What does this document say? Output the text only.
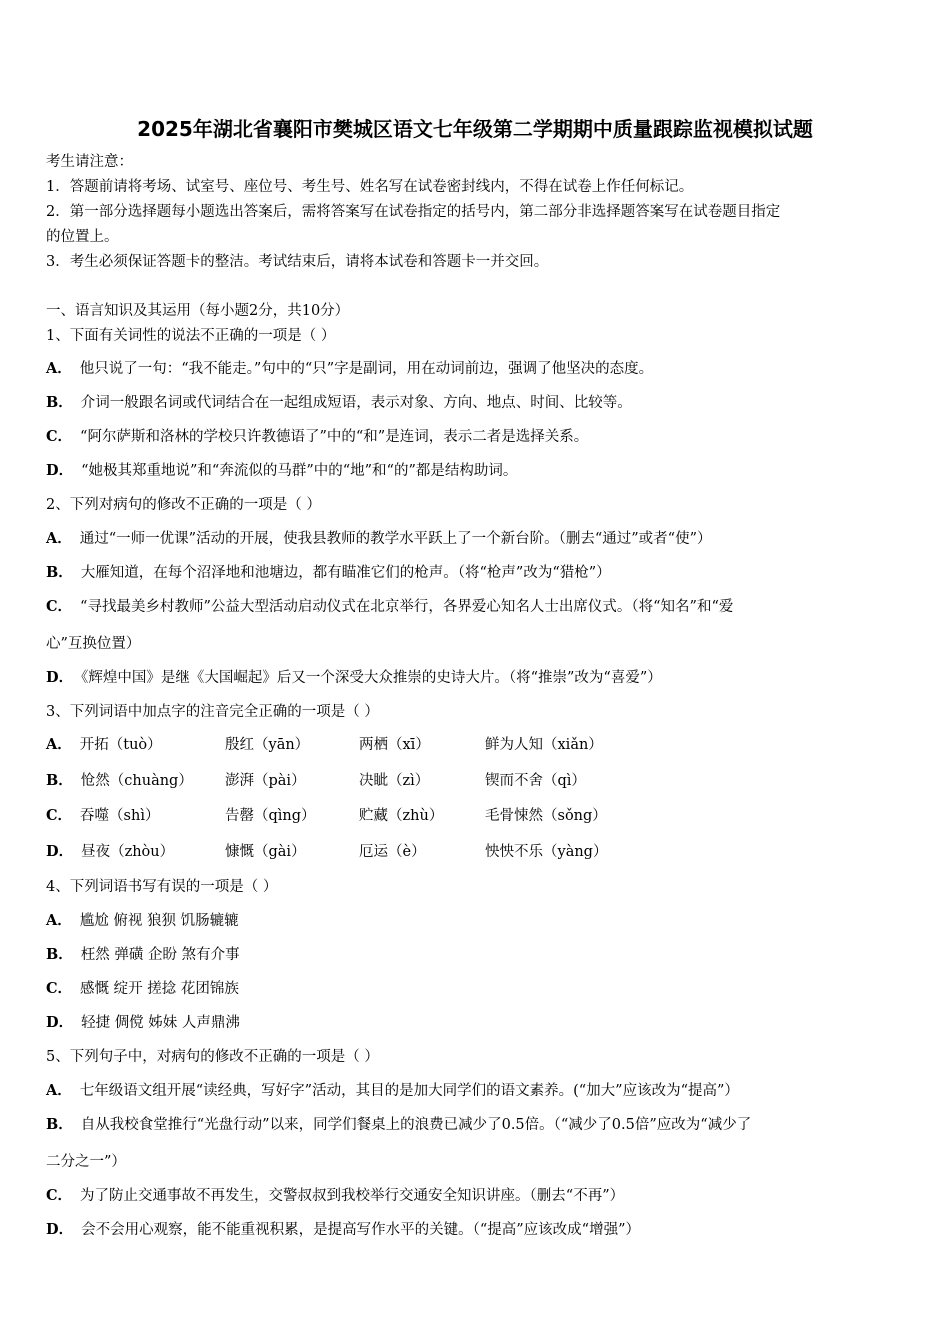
2025年湖北省襄阳市樊城区语文七年级第二学期期中质量跟踪监视模拟试题
考生请注意：
1．答题前请将考场、试室号、座位号、考生号、姓名写在试卷密封线内，不得在试卷上作任何标记。
2．第一部分选择题每小题选出答案后，需将答案写在试卷指定的括号内，第二部分非选择题答案写在试卷题目指定
的位置上。
3．考生必须保证答题卡的整洁。考试结束后，请将本试卷和答题卡一并交回。
一、语言知识及其运用（每小题2分，共10分）
1、下面有关词性的说法不正确的一项是（ ）
A． 他只说了一句：“我不能走。”句中的“只”字是副词，用在动词前边，强调了他坚决的态度。
B． 介词一般跟名词或代词结合在一起组成短语，表示对象、方向、地点、时间、比较等。
C． “阿尔萨斯和洛林的学校只许教德语了”中的“和”是连词，表示二者是选择关系。
D． “她极其郑重地说”和“奔流似的马群”中的“地”和“的”都是结构助词。
2、下列对病句的修改不正确的一项是（ ）
A． 通过“一师一优课”活动的开展，使我县教师的教学水平跃上了一个新台阶。（删去“通过”或者“使”）
B． 大雁知道，在每个沼泽地和池塘边，都有瞄准它们的枪声。（将“枪声”改为“猎枪”）
C． “寻找最美乡村教师”公益大型活动启动仪式在北京举行，各界爱心知名人士出席仪式。（将“知名”和“爱
心”互换位置）
D． 《辉煌中国》是继《大国崛起》后又一个深受大众推崇的史诗大片。（将“推崇”改为“喜爱”）
3、下列词语中加点字的注音完全正确的一项是（ ）
A． 开拓（tuò）	殷红（yān）	两栖（xī）	鲜为人知（xiǎn）
B． 怆然（chuàng） 澎湃（pài）	决眦（zì）	锲而不舍（qì）
C． 吞噬（shì）	告罄（qìng）	贮藏（zhù）	毛骨悚然（sǒng）
D． 昼夜（zhòu）	慷慨（gài）	厄运（è）	怏怏不乐（yàng）
4、下列词语书写有误的一项是（ ）
A． 尴尬 俯视 狼狈 饥肠辘辘
B． 枉然 弹磺 企盼 煞有介事
C． 感慨 绽开 搓捻 花团锦族
D． 轻捷 倜傥 姊妹 人声鼎沸
5、下列句子中，对病句的修改不正确的一项是（ ）
A． 七年级语文组开展“读经典，写好字”活动，其目的是加大同学们的语文素养。(“加大”应该改为“提高”）
B． 自从我校食堂推行“光盘行动”以来，同学们餐桌上的浪费已减少了0.5倍。（“减少了0.5倍”应改为“减少了
二分之一”）
C． 为了防止交通事故不再发生，交警叔叔到我校举行交通安全知识讲座。（删去“不再”）
D． 会不会用心观察，能不能重视积累，是提高写作水平的关键。（“提高”应该改成“增强”）
